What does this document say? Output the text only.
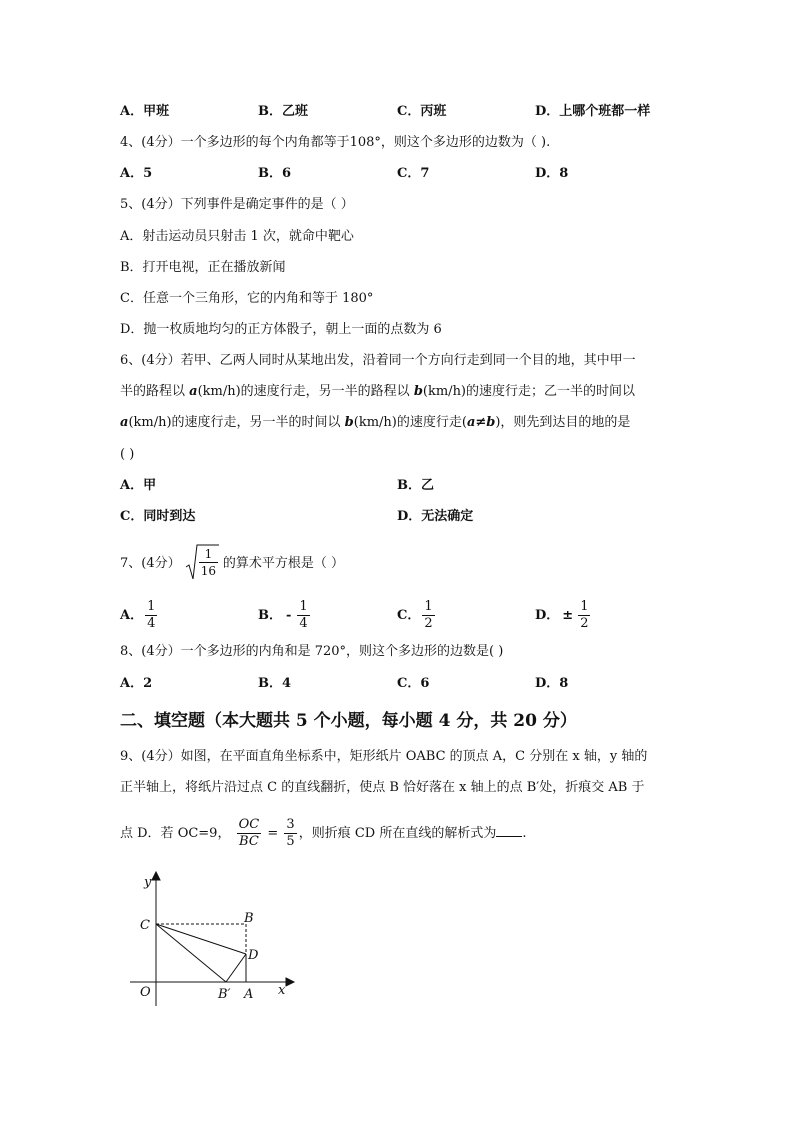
A．甲班	B．乙班	C．丙班	D．上哪个班都一样
4、(4分）一个多边形的每个内角都等于108°，则这个多边形的边数为（ ).
A．5	B．6	C．7	D．8
5、(4分）下列事件是确定事件的是（ ）
A．射击运动员只射击 1 次，就命中靶心
B．打开电视，正在播放新闻
C．任意一个三角形，它的内角和等于 180°
D．抛一枚质地均匀的正方体骰子，朝上一面的点数为 6
6、(4分）若甲、乙两人同时从某地出发，沿着同一个方向行走到同一个目的地，其中甲一
半的路程以 a(km/h)的速度行走，另一半的路程以 b(km/h)的速度行走；乙一半的时间以
a(km/h)的速度行走，另一半的时间以 b(km/h)的速度行走(a≠b)，则先到达目的地的是
( )
A．甲	B．乙
C．同时到达	D．无法确定
7、(4分） $\frac{1}{16}$ 的算术平方根是（ ）
A． $\frac{1}{4}$	B． - $\frac{1}{4}$	C． $\frac{1}{2}$	D． ± $\frac{1}{2}$
8、(4分）一个多边形的内角和是 720°，则这个多边形的边数是( )
A．2	B．4	C．6	D．8
二、填空题（本大题共 5 个小题，每小题 4 分，共 20 分）
9、(4分）如图，在平面直角坐标系中，矩形纸片 OABC 的顶点 A，C 分别在 x 轴，y 轴的
正半轴上，将纸片沿过点 C 的直线翻折，使点 B 恰好落在 x 轴上的点 B′处，折痕交 AB 于
点 D．若 OC=9， $\frac{OC}{BC} = \frac{3}{5}$ ，则折痕 CD 所在直线的解析式为 .
y
x
O
C	B
D
B′ A
